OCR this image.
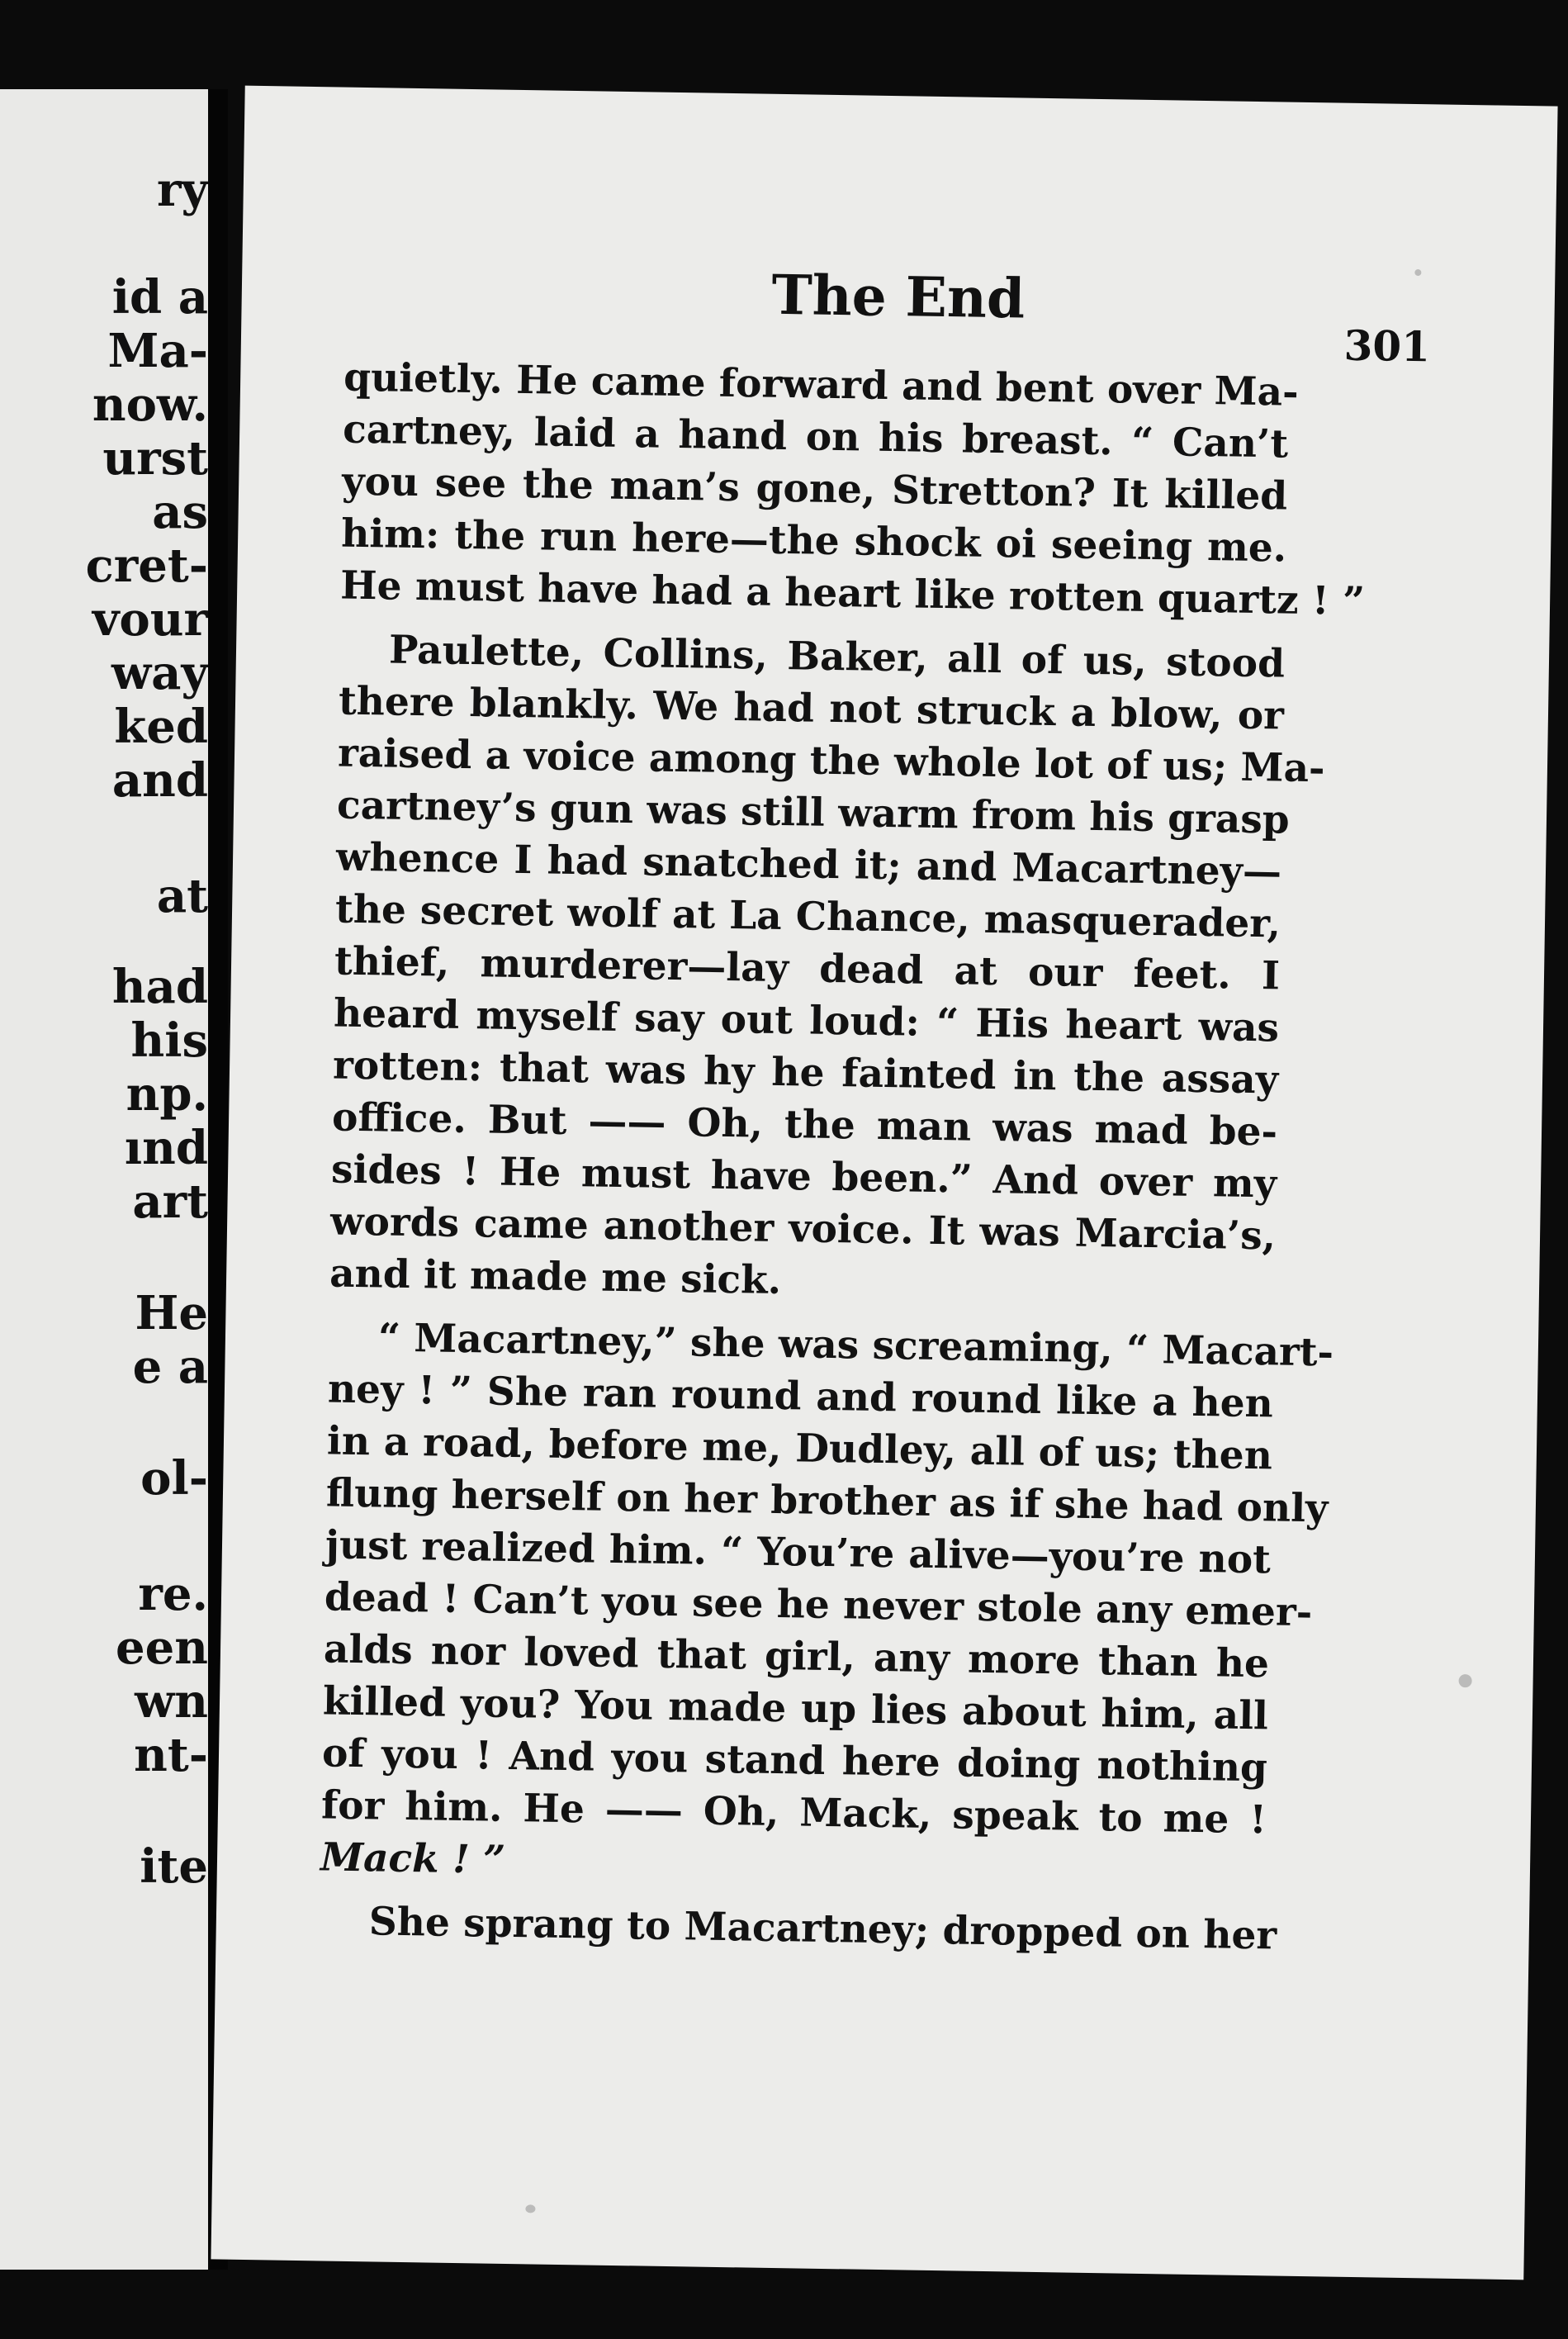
ry
id a
Ma-
now.
urst
as
cret-
vour
way
ked
and
at
had
his
np.
ınd
art
He
e a
ol-
re.
een
wn
nt-
ite
The End
301
quietly. He came forward and bent over Ma-
cartney, laid a hand on his breast. “ Can’t
you see the man’s gone, Stretton? It killed
him: the run here—the shock oi seeing me.
He must have had a heart like rotten quartz ! ”
Paulette, Collins, Baker, all of us, stood
there blankly. We had not struck a blow, or
raised a voice among the whole lot of us; Ma-
cartney’s gun was still warm from his grasp
whence I had snatched it; and Macartney—
the secret wolf at La Chance, masquerader,
thief, murderer—lay dead at our feet. I
heard myself say out loud: “ His heart was
rotten: that was hy he fainted in the assay
office. But —— Oh, the man was mad be-
sides ! He must have been.” And over my
words came another voice. It was Marcia’s,
and it made me sick.
“ Macartney,” she was screaming, “ Macart-
ney ! ” She ran round and round like a hen
in a road, before me, Dudley, all of us; then
flung herself on her brother as if she had only
just realized him. “ You’re alive—you’re not
dead ! Can’t you see he never stole any emer-
alds nor loved that girl, any more than he
killed you? You made up lies about him, all
of you ! And you stand here doing nothing
for him. He —— Oh, Mack, speak to me !
Mack ! ”
She sprang to Macartney; dropped on her
